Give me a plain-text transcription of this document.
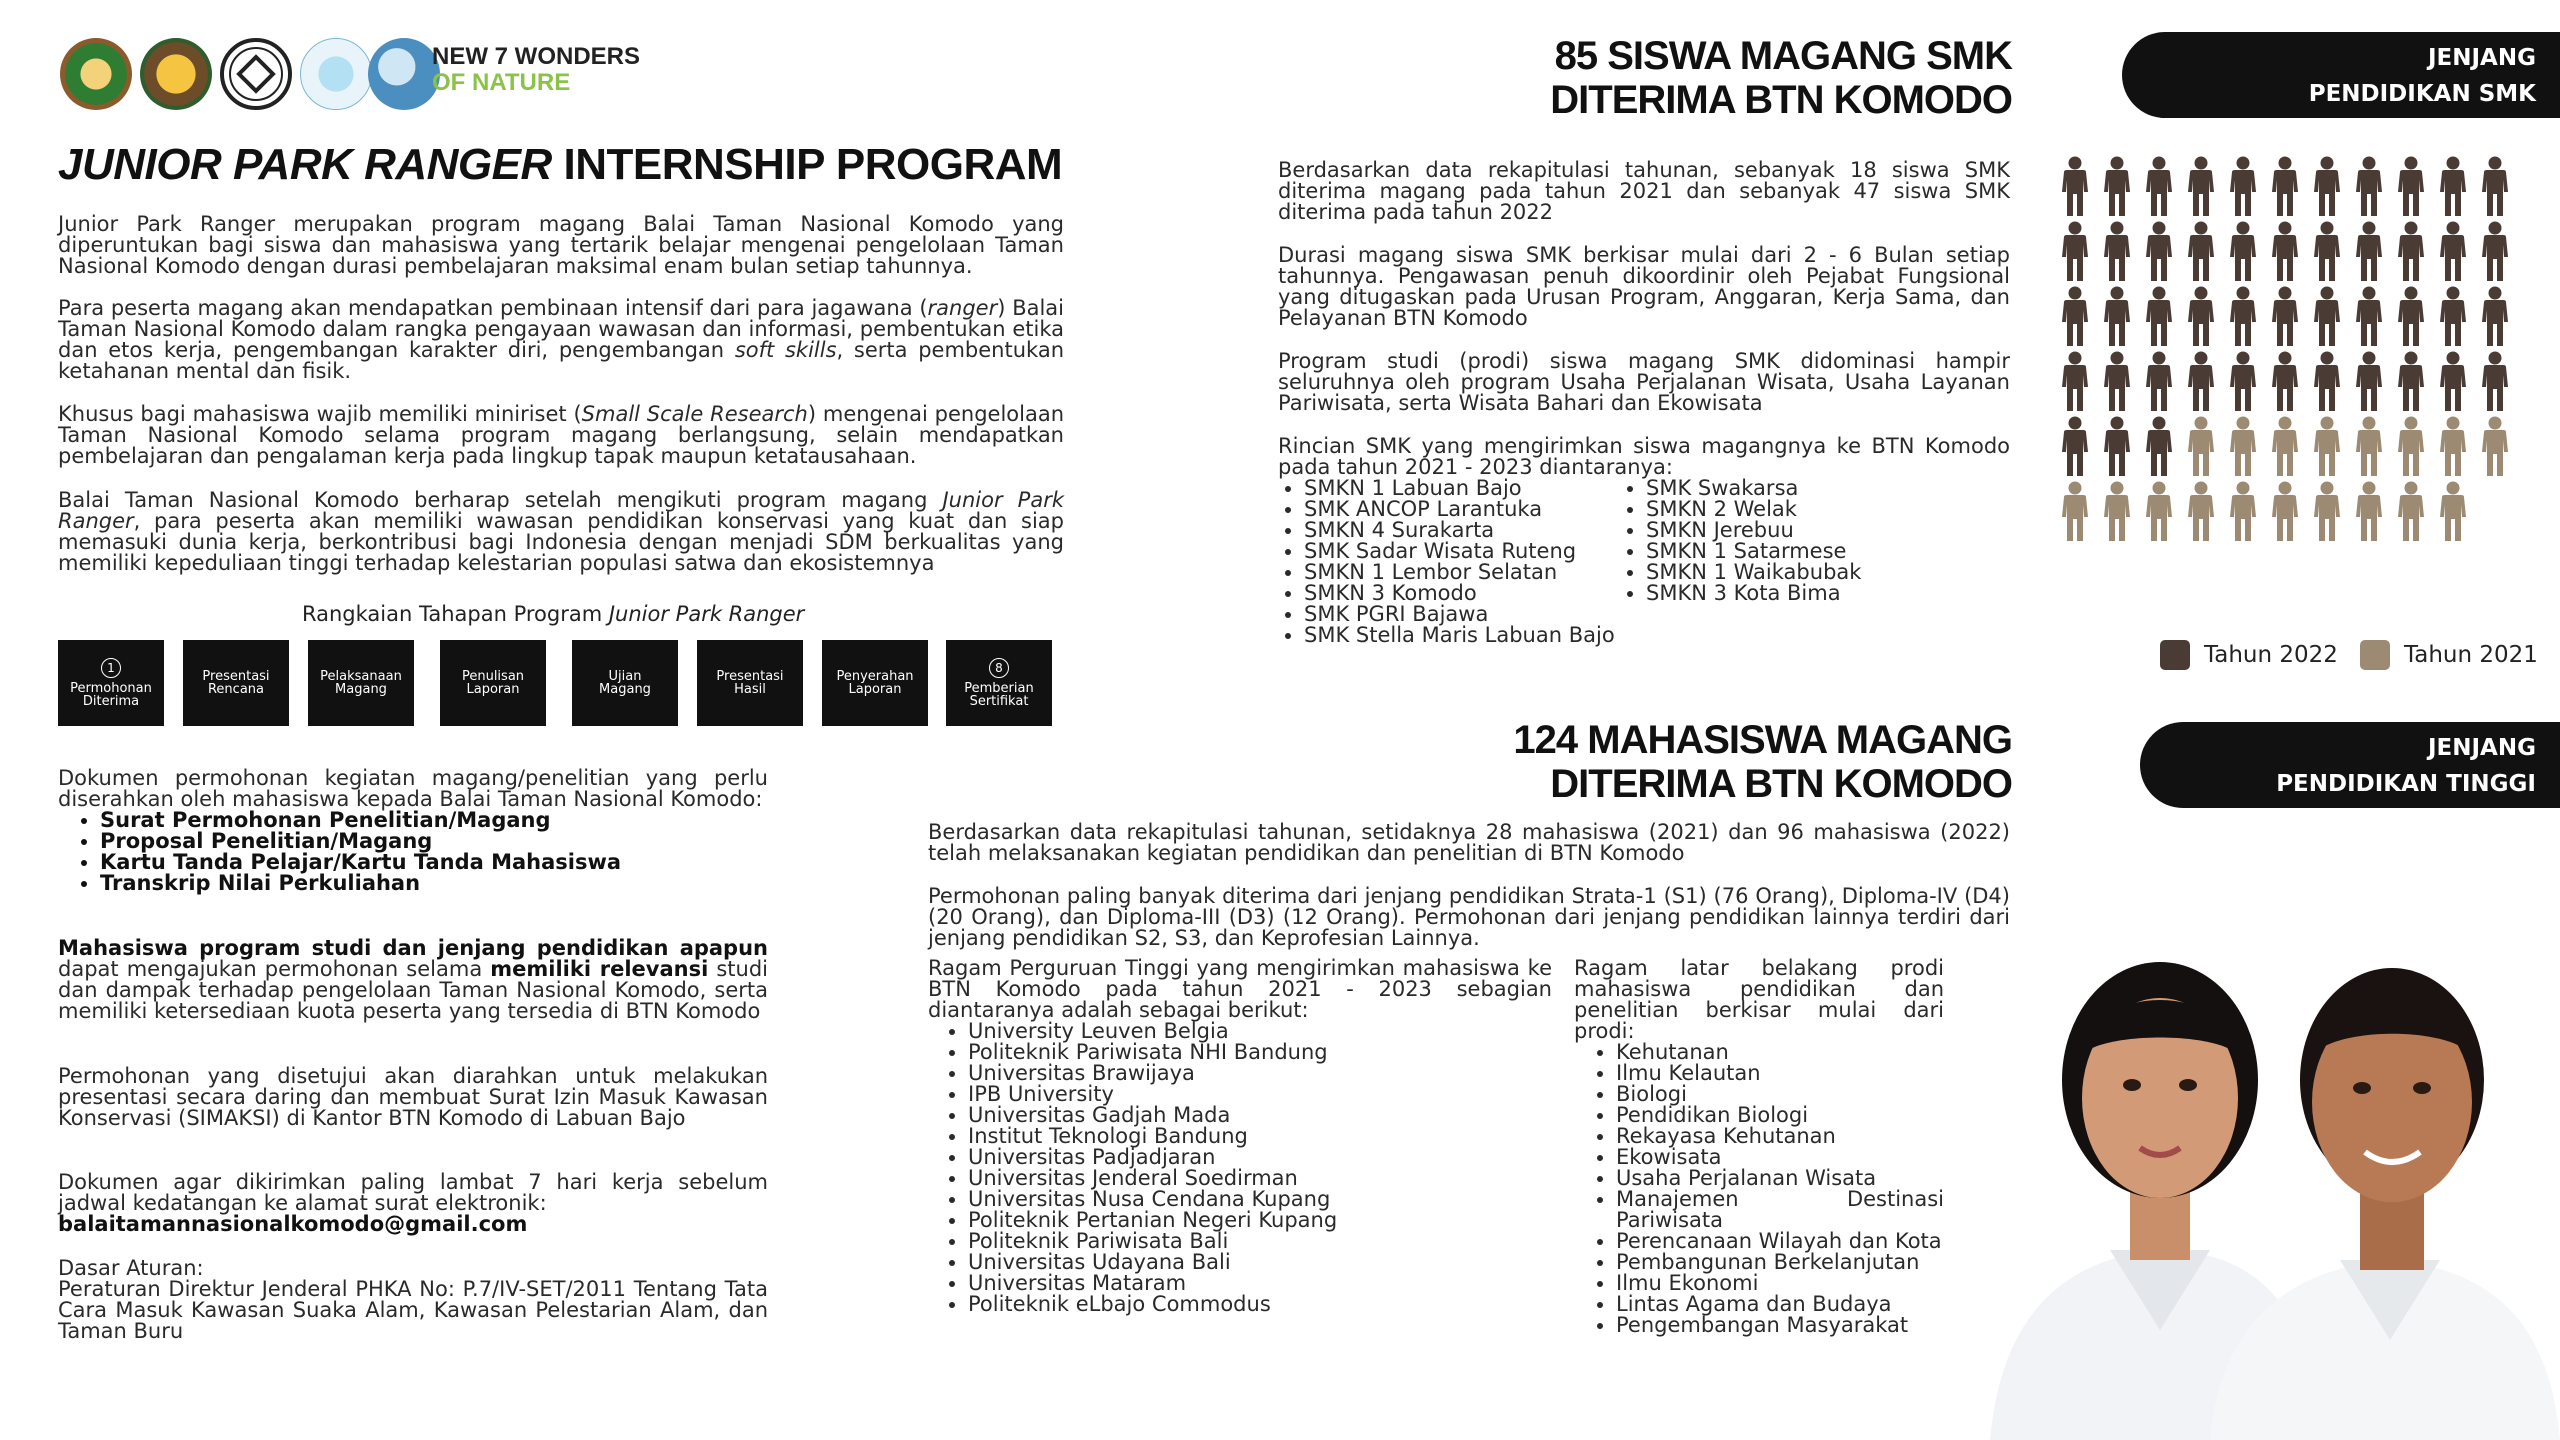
NEW 7 WONDERS
OF NATURE
JUNIOR PARK RANGER INTERNSHIP PROGRAM

Junior Park Ranger merupakan program magang Balai Taman Nasional Komodo yang diperuntukan bagi siswa dan mahasiswa yang tertarik belajar mengenai pengelolaan Taman Nasional Komodo dengan durasi pembelajaran maksimal enam bulan setiap tahunnya.

Para peserta magang akan mendapatkan pembinaan intensif dari para jagawana (ranger) Balai Taman Nasional Komodo dalam rangka pengayaan wawasan dan informasi, pembentukan etika dan etos kerja, pengembangan karakter diri, pengembangan soft skills, serta pembentukan ketahanan mental dan fisik.

Khusus bagi mahasiswa wajib memiliki miniriset (Small Scale Research) mengenai pengelolaan Taman Nasional Komodo selama program magang berlangsung, selain mendapatkan pembelajaran dan pengalaman kerja pada lingkup tapak maupun ketatausahaan.

Balai Taman Nasional Komodo berharap setelah mengikuti program magang Junior Park Ranger, para peserta akan memiliki wawasan pendidikan konservasi yang kuat dan siap memasuki dunia kerja, berkontribusi bagi Indonesia dengan menjadi SDM berkualitas yang memiliki kepeduliaan tinggi terhadap kelestarian populasi satwa dan ekosistemnya

Rangkaian Tahapan Program Junior Park Ranger
1
Permohonan
Diterima
Presentasi
Rencana
Pelaksanaan
Magang
Penulisan
Laporan
Ujian
Magang
Presentasi
Hasil
Penyerahan
Laporan
8
Pemberian
Sertifikat

Dokumen permohonan kegiatan magang/penelitian yang perlu diserahkan oleh mahasiswa kepada Balai Taman Nasional Komodo:

• Surat Permohonan Penelitian/Magang
• Proposal Penelitian/Magang
• Kartu Tanda Pelajar/Kartu Tanda Mahasiswa
• Transkrip Nilai Perkuliahan

Mahasiswa program studi dan jenjang pendidikan apapun dapat mengajukan permohonan selama memiliki relevansi studi dan dampak terhadap pengelolaan Taman Nasional Komodo, serta memiliki ketersediaan kuota peserta yang tersedia di BTN Komodo

Permohonan yang disetujui akan diarahkan untuk melakukan presentasi secara daring dan membuat Surat Izin Masuk Kawasan Konservasi (SIMAKSI) di Kantor BTN Komodo di Labuan Bajo

Dokumen agar dikirimkan paling lambat 7 hari kerja sebelum jadwal kedatangan ke alamat surat elektronik:

balaitamannasionalkomodo@gmail.com

Dasar Aturan:

Peraturan Direktur Jenderal PHKA No: P.7/IV-SET/2011 Tentang Tata Cara Masuk Kawasan Suaka Alam, Kawasan Pelestarian Alam, dan Taman Buru

85 SISWA MAGANG SMK
DITERIMA BTN KOMODO

Berdasarkan data rekapitulasi tahunan, sebanyak 18 siswa SMK diterima magang pada tahun 2021 dan sebanyak 47 siswa SMK diterima pada tahun 2022

Durasi magang siswa SMK berkisar mulai dari 2 - 6 Bulan setiap tahunnya. Pengawasan penuh dikoordinir oleh Pejabat Fungsional yang ditugaskan pada Urusan Program, Anggaran, Kerja Sama, dan Pelayanan BTN Komodo

Program studi (prodi) siswa magang SMK didominasi hampir seluruhnya oleh program Usaha Perjalanan Wisata, Usaha Layanan Pariwisata, serta Wisata Bahari dan Ekowisata

Rincian SMK yang mengirimkan siswa magangnya ke BTN Komodo pada tahun 2021 - 2023 diantaranya:

• SMKN 1 Labuan Bajo
• SMK ANCOP Larantuka
• SMKN 4 Surakarta
• SMK Sadar Wisata Ruteng
• SMKN 1 Lembor Selatan
• SMKN 3 Komodo
• SMK PGRI Bajawa
• SMK Stella Maris Labuan Bajo
• SMK Swakarsa
• SMKN 2 Welak
• SMKN Jerebuu
• SMKN 1 Satarmese
• SMKN 1 Waikabubak
• SMKN 3 Kota Bima
JENJANG
PENDIDIKAN SMK
Tahun 2022	Tahun 2021
124 MAHASISWA MAGANG
DITERIMA BTN KOMODO
JENJANG
PENDIDIKAN TINGGI

Berdasarkan data rekapitulasi tahunan, setidaknya 28 mahasiswa (2021) dan 96 mahasiswa (2022) telah melaksanakan kegiatan pendidikan dan penelitian di BTN Komodo

Permohonan paling banyak diterima dari jenjang pendidikan Strata-1 (S1) (76 Orang), Diploma-IV (D4) (20 Orang), dan Diploma-III (D3) (12 Orang). Permohonan dari jenjang pendidikan lainnya terdiri dari jenjang pendidikan S2, S3, dan Keprofesian Lainnya.

Ragam Perguruan Tinggi yang mengirimkan mahasiswa ke BTN Komodo pada tahun 2021 - 2023 sebagian diantaranya adalah sebagai berikut:

• University Leuven Belgia
• Politeknik Pariwisata NHI Bandung
• Universitas Brawijaya
• IPB University
• Universitas Gadjah Mada
• Institut Teknologi Bandung
• Universitas Padjadjaran
• Universitas Jenderal Soedirman
• Universitas Nusa Cendana Kupang
• Politeknik Pertanian Negeri Kupang
• Politeknik Pariwisata Bali
• Universitas Udayana Bali
• Universitas Mataram
• Politeknik eLbajo Commodus

Ragam latar belakang prodi mahasiswa pendidikan dan penelitian berkisar mulai dari prodi:

• Kehutanan
• Ilmu Kelautan
• Biologi
• Pendidikan Biologi
• Rekayasa Kehutanan
• Ekowisata
• Usaha Perjalanan Wisata
• Manajemen Destinasi Pariwisata
• Perencanaan Wilayah dan Kota
• Pembangunan Berkelanjutan
• Ilmu Ekonomi
• Lintas Agama dan Budaya
• Pengembangan Masyarakat
